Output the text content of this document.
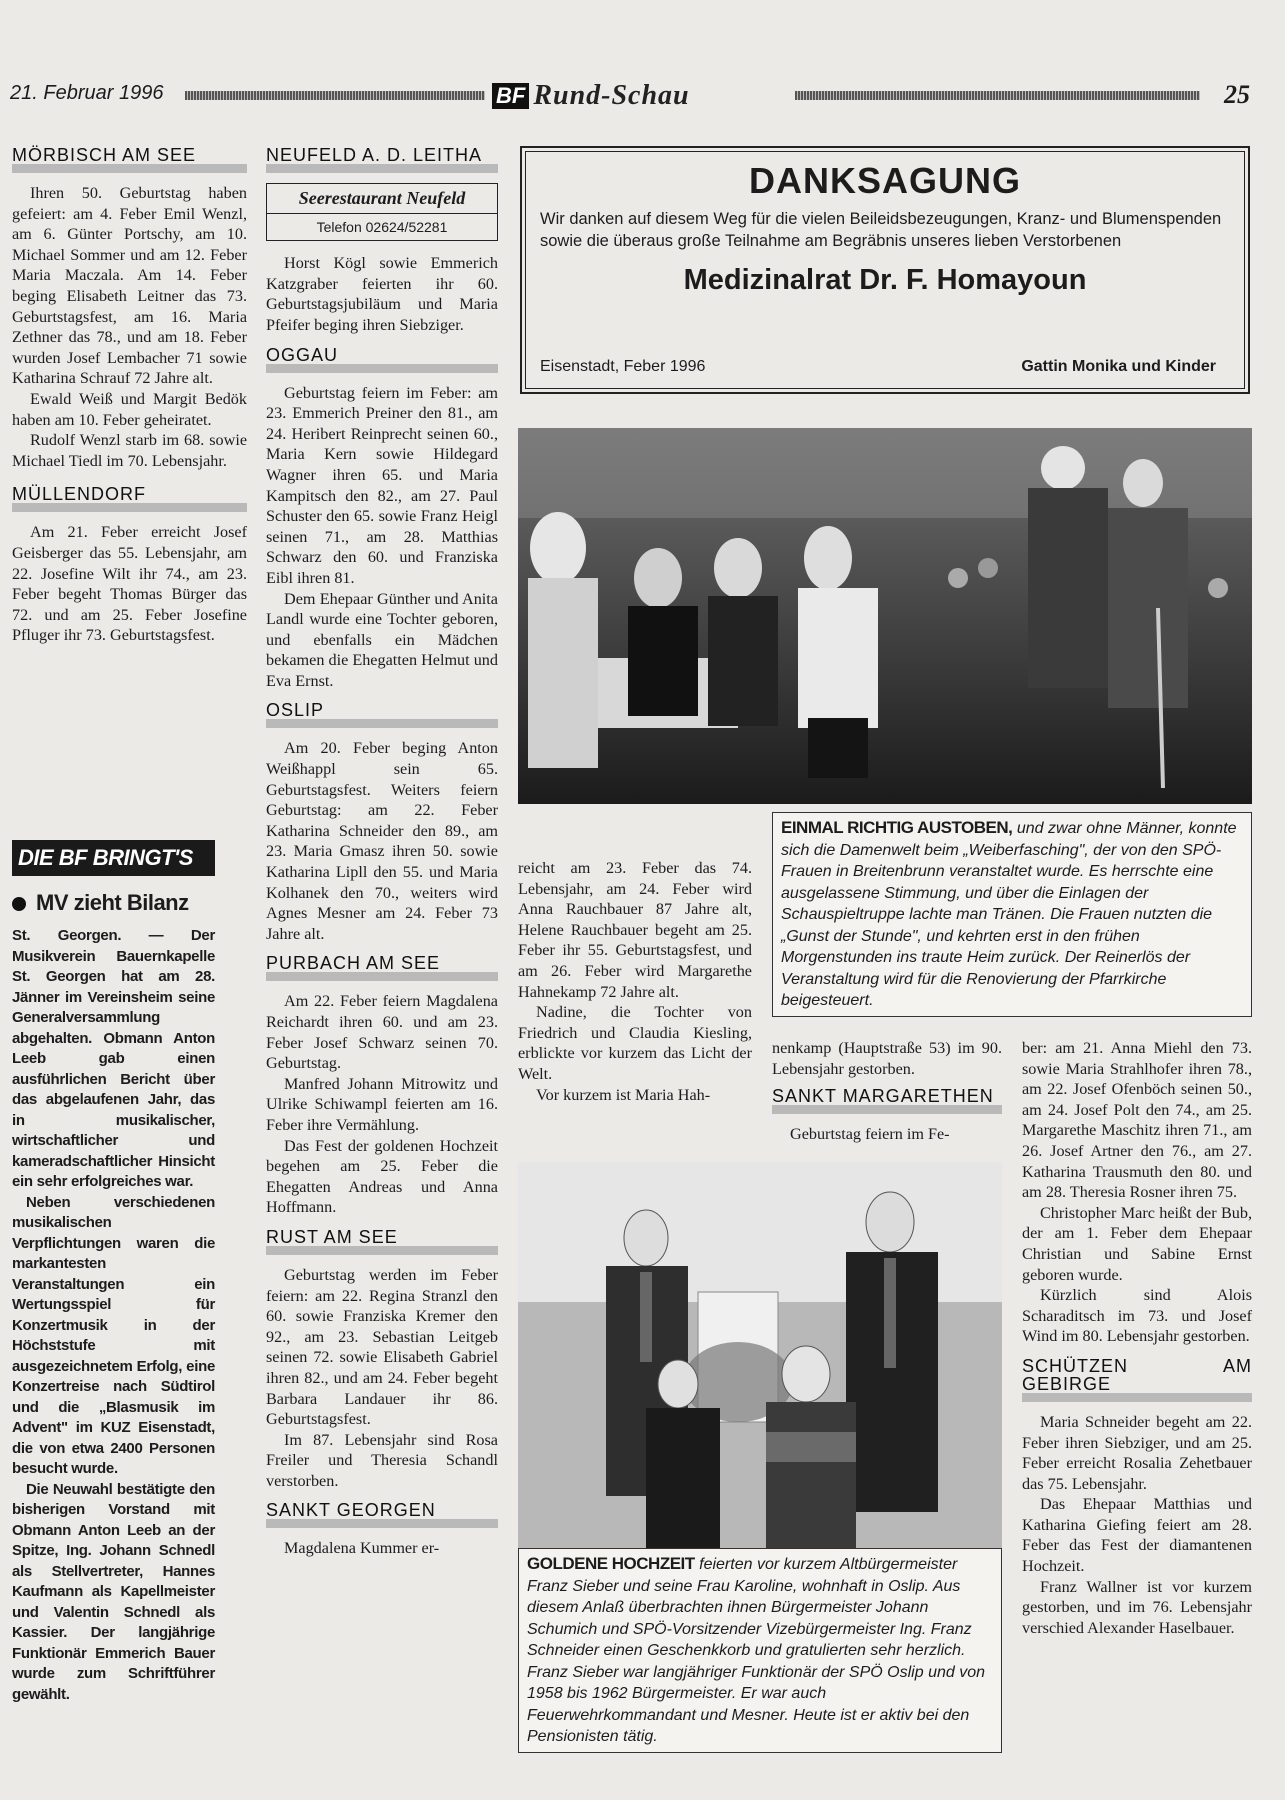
21. Februar 1996	BF Rund-Schau	25
MÖRBISCH AM SEE

Ihren 50. Geburtstag haben gefeiert: am 4. Feber Emil Wenzl, am 6. Günter Portschy, am 10. Michael Sommer und am 12. Feber Maria Maczala. Am 14. Feber beging Elisabeth Leitner das 73. Geburtstagsfest, am 16. Maria Zethner das 78., und am 18. Feber wurden Josef Lembacher 71 sowie Katharina Schrauf 72 Jahre alt.

Ewald Weiß und Margit Bedök haben am 10. Feber geheiratet.

Rudolf Wenzl starb im 68. sowie Michael Tiedl im 70. Lebensjahr.

MÜLLENDORF

Am 21. Feber erreicht Josef Geisberger das 55. Lebensjahr, am 22. Josefine Wilt ihr 74., am 23. Feber begeht Thomas Bürger das 72. und am 25. Feber Josefine Pfluger ihr 73. Geburtstagsfest.

DIE BF BRINGT'S
MV zieht Bilanz

St. Georgen. — Der Musikverein Bauernkapelle St. Georgen hat am 28. Jänner im Vereinsheim seine Generalversammlung abgehalten. Obmann Anton Leeb gab einen ausführlichen Bericht über das abgelaufenen Jahr, das in musikalischer, wirtschaftlicher und kameradschaftlicher Hinsicht ein sehr erfolgreiches war.

Neben verschiedenen musikalischen Verpflichtungen waren die markantesten Veranstaltungen ein Wertungsspiel für Konzertmusik in der Höchststufe mit ausgezeichnetem Erfolg, eine Konzertreise nach Südtirol und die „Blasmusik im Advent" im KUZ Eisenstadt, die von etwa 2400 Personen besucht wurde.

Die Neuwahl bestätigte den bisherigen Vorstand mit Obmann Anton Leeb an der Spitze, Ing. Johann Schnedl als Stellvertreter, Hannes Kaufmann als Kapellmeister und Valentin Schnedl als Kassier. Der langjährige Funktionär Emmerich Bauer wurde zum Schriftführer gewählt.

NEUFELD A. D. LEITHA
Seerestaurant Neufeld
Telefon 02624/52281

Horst Kögl sowie Emmerich Katzgraber feierten ihr 60. Geburtstagsjubiläum und Maria Pfeifer beging ihren Siebziger.

OGGAU

Geburtstag feiern im Feber: am 23. Emmerich Preiner den 81., am 24. Heribert Reinprecht seinen 60., Maria Kern sowie Hildegard Wagner ihren 65. und Maria Kampitsch den 82., am 27. Paul Schuster den 65. sowie Franz Heigl seinen 71., am 28. Matthias Schwarz den 60. und Franziska Eibl ihren 81.

Dem Ehepaar Günther und Anita Landl wurde eine Tochter geboren, und ebenfalls ein Mädchen bekamen die Ehegatten Helmut und Eva Ernst.

OSLIP

Am 20. Feber beging Anton Weißhappl sein 65. Geburtstagsfest. Weiters feiern Geburtstag: am 22. Feber Katharina Schneider den 89., am 23. Maria Gmasz ihren 50. sowie Katharina Lipll den 55. und Maria Kolhanek den 70., weiters wird Agnes Mesner am 24. Feber 73 Jahre alt.

PURBACH AM SEE

Am 22. Feber feiern Magdalena Reichardt ihren 60. und am 23. Feber Josef Schwarz seinen 70. Geburtstag.

Manfred Johann Mitrowitz und Ulrike Schiwampl feierten am 16. Feber ihre Vermählung.

Das Fest der goldenen Hochzeit begehen am 25. Feber die Ehegatten Andreas und Anna Hoffmann.

RUST AM SEE

Geburtstag werden im Feber feiern: am 22. Regina Stranzl den 60. sowie Franziska Kremer den 92., am 23. Sebastian Leitgeb seinen 72. sowie Elisabeth Gabriel ihren 82., und am 24. Feber begeht Barbara Landauer ihr 86. Geburtstagsfest.

Im 87. Lebensjahr sind Rosa Freiler und Theresia Schandl verstorben.

SANKT GEORGEN

Magdalena Kummer er-

DANKSAGUNG
Wir danken auf diesem Weg für die vielen Beileidsbezeugungen, Kranz- und Blumenspenden sowie die überaus große Teilnahme am Begräbnis unseres lieben Verstorbenen
Medizinalrat Dr. F. Homayoun
Eisenstadt, Feber 1996	Gattin Monika und Kinder
EINMAL RICHTIG AUSTOBEN, und zwar ohne Männer, konnte sich die Damenwelt beim „Weiberfasching", der von den SPÖ-Frauen in Breitenbrunn veranstaltet wurde. Es herrschte eine ausgelassene Stimmung, und über die Einlagen der Schauspieltruppe lachte man Tränen. Die Frauen nutzten die „Gunst der Stunde", und kehrten erst in den frühen Morgenstunden ins traute Heim zurück. Der Reinerlös der Veranstaltung wird für die Renovierung der Pfarrkirche beigesteuert.

reicht am 23. Feber das 74. Lebensjahr, am 24. Feber wird Anna Rauchbauer 87 Jahre alt, Helene Rauchbauer begeht am 25. Feber ihr 55. Geburtstagsfest, und am 26. Feber wird Margarethe Hahnekamp 72 Jahre alt.

Nadine, die Tochter von Friedrich und Claudia Kiesling, erblickte vor kurzem das Licht der Welt.

Vor kurzem ist Maria Hah-

nenkamp (Hauptstraße 53) im 90. Lebensjahr gestorben.

SANKT MARGARETHEN

Geburtstag feiern im Fe-

ber: am 21. Anna Miehl den 73. sowie Maria Strahlhofer ihren 78., am 22. Josef Ofenböch seinen 50., am 24. Josef Polt den 74., am 25. Margarethe Maschitz ihren 71., am 26. Josef Artner den 76., am 27. Katharina Trausmuth den 80. und am 28. Theresia Rosner ihren 75.

Christopher Marc heißt der Bub, der am 1. Feber dem Ehepaar Christian und Sabine Ernst geboren wurde.

Kürzlich sind Alois Scharaditsch im 73. und Josef Wind im 80. Lebensjahr gestorben.

SCHÜTZEN AM GEBIRGE

Maria Schneider begeht am 22. Feber ihren Siebziger, und am 25. Feber erreicht Rosalia Zehetbauer das 75. Lebensjahr.

Das Ehepaar Matthias und Katharina Giefing feiert am 28. Feber das Fest der diamantenen Hochzeit.

Franz Wallner ist vor kurzem gestorben, und im 76. Lebensjahr verschied Alexander Haselbauer.

GOLDENE HOCHZEIT feierten vor kurzem Altbürgermeister Franz Sieber und seine Frau Karoline, wohnhaft in Oslip. Aus diesem Anlaß überbrachten ihnen Bürgermeister Johann Schumich und SPÖ-Vorsitzender Vizebürgermeister Ing. Franz Schneider einen Geschenkkorb und gratulierten sehr herzlich. Franz Sieber war langjähriger Funktionär der SPÖ Oslip und von 1958 bis 1962 Bürgermeister. Er war auch Feuerwehrkommandant und Mesner. Heute ist er aktiv bei den Pensionisten tätig.
